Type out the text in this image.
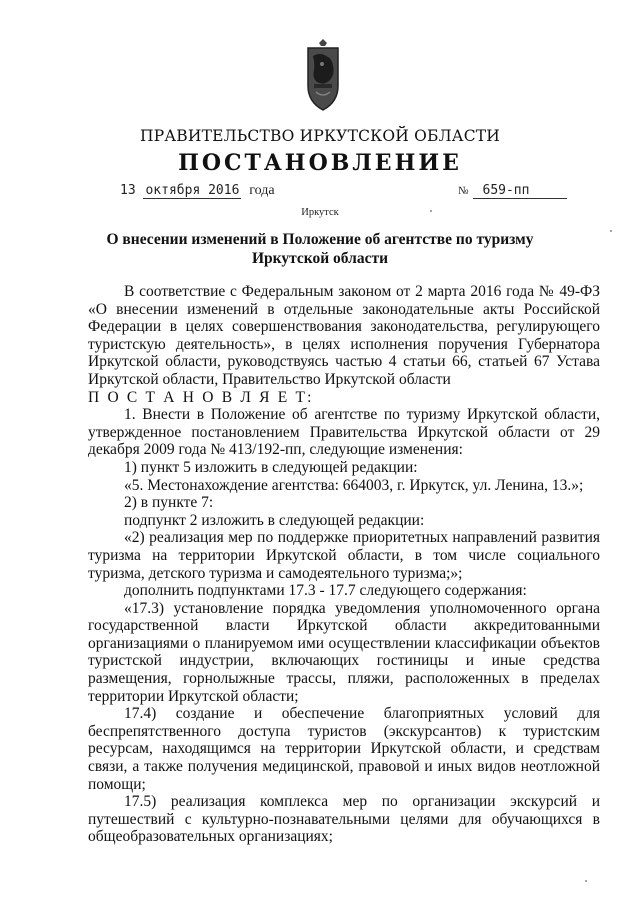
ПРАВИТЕЛЬСТВО ИРКУТСКОЙ ОБЛАСТИ
ПОСТАНОВЛЕНИЕ
13 октября 2016 года	№ 659-пп
Иркутск
О внесении изменений в Положение об агентстве по туризму
Иркутской области

В соответствие с Федеральным законом от 2 марта 2016 года № 49-ФЗ «О внесении изменений в отдельные законодательные акты Российской Федерации в целях совершенствования законодательства, регулирующего туристскую деятельность», в целях исполнения поручения Губернатора Иркутской области, руководствуясь частью 4 статьи 66, статьей 67 Устава Иркутской области, Правительство Иркутской области

П О С Т А Н О В Л Я Е Т:

1. Внести в Положение об агентстве по туризму Иркутской области, утвержденное постановлением Правительства Иркутской области от 29 декабря 2009 года № 413/192-пп, следующие изменения:

1) пункт 5 изложить в следующей редакции:

«5. Местонахождение агентства: 664003, г. Иркутск, ул. Ленина, 13.»;

2) в пункте 7:

подпункт 2 изложить в следующей редакции:

«2) реализация мер по поддержке приоритетных направлений развития туризма на территории Иркутской области, в том числе социального туризма, детского туризма и самодеятельного туризма;»;

дополнить подпунктами 17.3 - 17.7 следующего содержания:

«17.3) установление порядка уведомления уполномоченного органа государственной власти Иркутской области аккредитованными организациями о планируемом ими осуществлении классификации объектов туристской индустрии, включающих гостиницы и иные средства размещения, горнолыжные трассы, пляжи, расположенных в пределах территории Иркутской области;

17.4) создание и обеспечение благоприятных условий для беспрепятственного доступа туристов (экскурсантов) к туристским ресурсам, находящимся на территории Иркутской области, и средствам связи, а также получения медицинской, правовой и иных видов неотложной помощи;

17.5) реализация комплекса мер по организации экскурсий и путешествий с культурно-познавательными целями для обучающихся в общеобразовательных организациях;
